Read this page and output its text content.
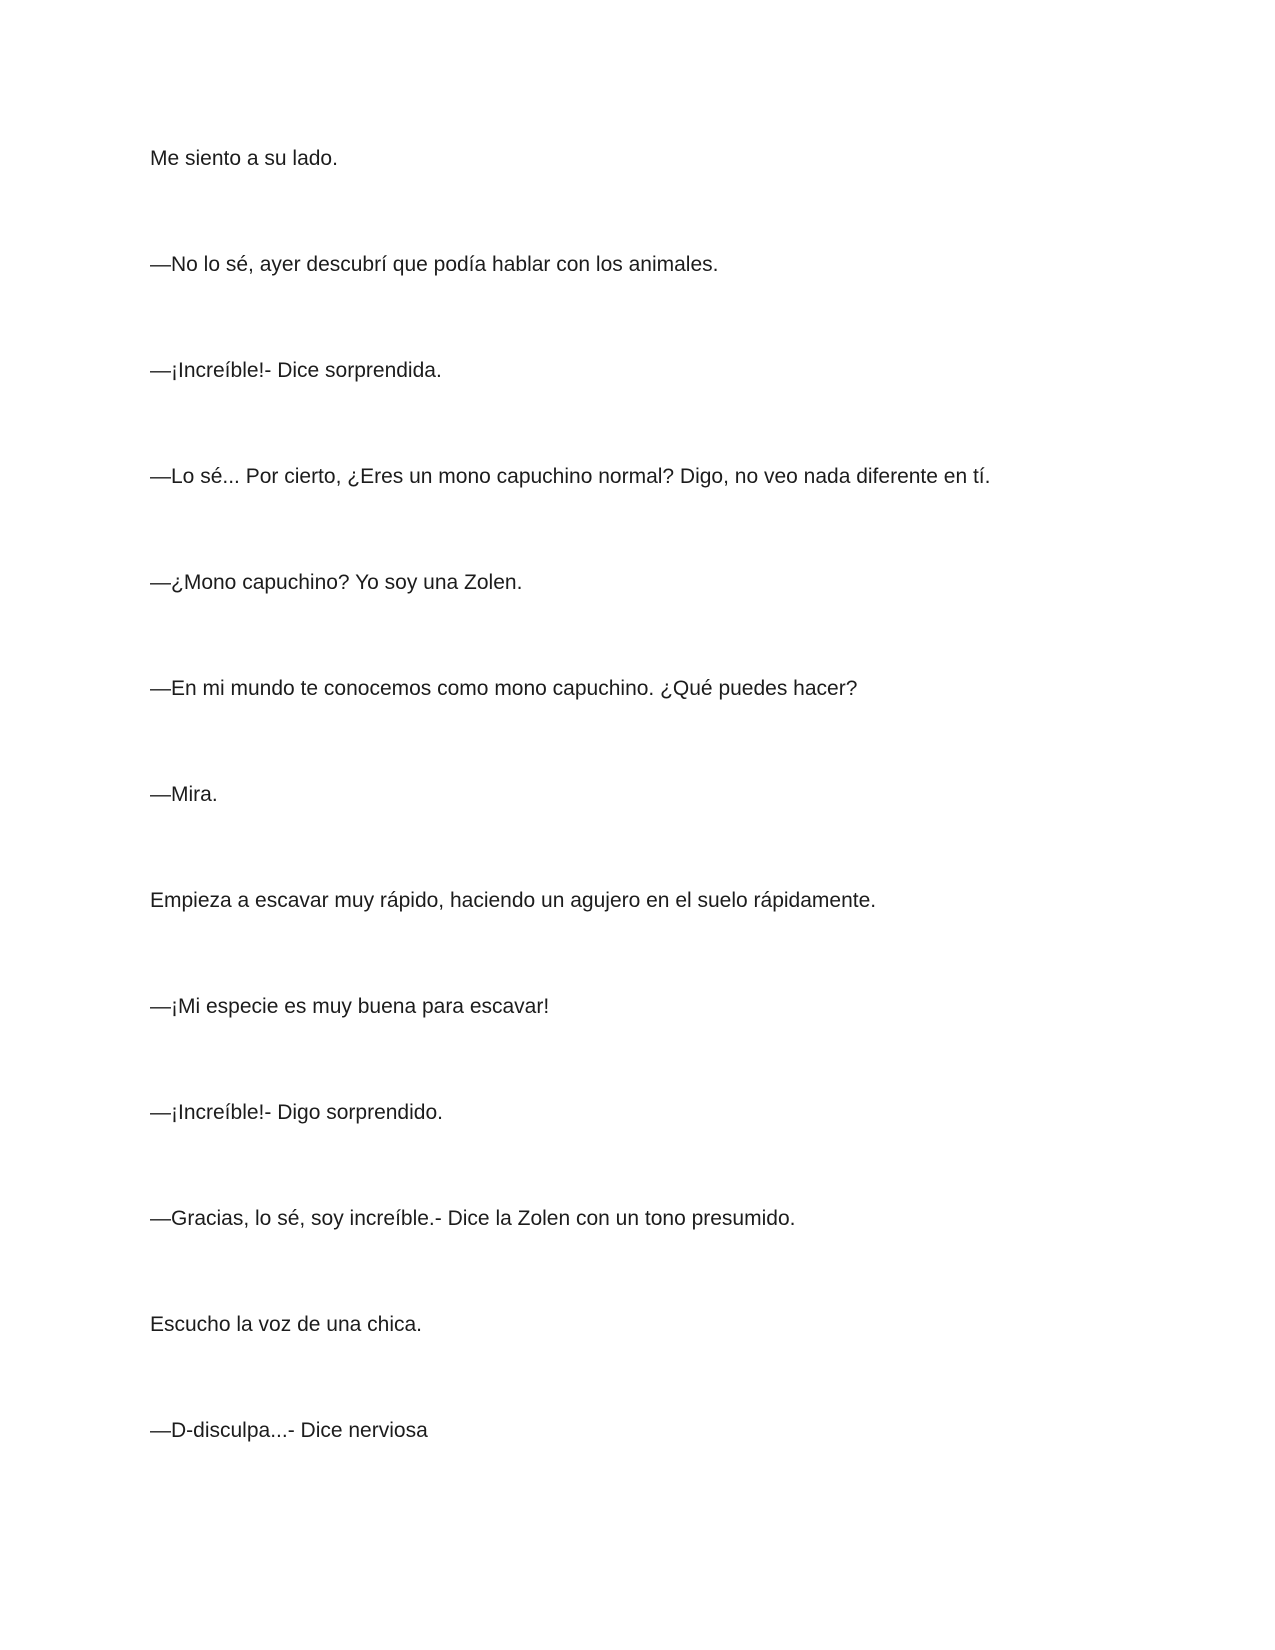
Me siento a su lado.

—No lo sé, ayer descubrí que podía hablar con los animales.

—¡Increíble!- Dice sorprendida.

—Lo sé... Por cierto, ¿Eres un mono capuchino normal? Digo, no veo nada diferente en tí.

—¿Mono capuchino? Yo soy una Zolen.

—En mi mundo te conocemos como mono capuchino. ¿Qué puedes hacer?

—Mira.

Empieza a escavar muy rápido, haciendo un agujero en el suelo rápidamente.

—¡Mi especie es muy buena para escavar!

—¡Increíble!- Digo sorprendido.

—Gracias, lo sé, soy increíble.- Dice la Zolen con un tono presumido.

Escucho la voz de una chica.

—D-disculpa...- Dice nerviosa
